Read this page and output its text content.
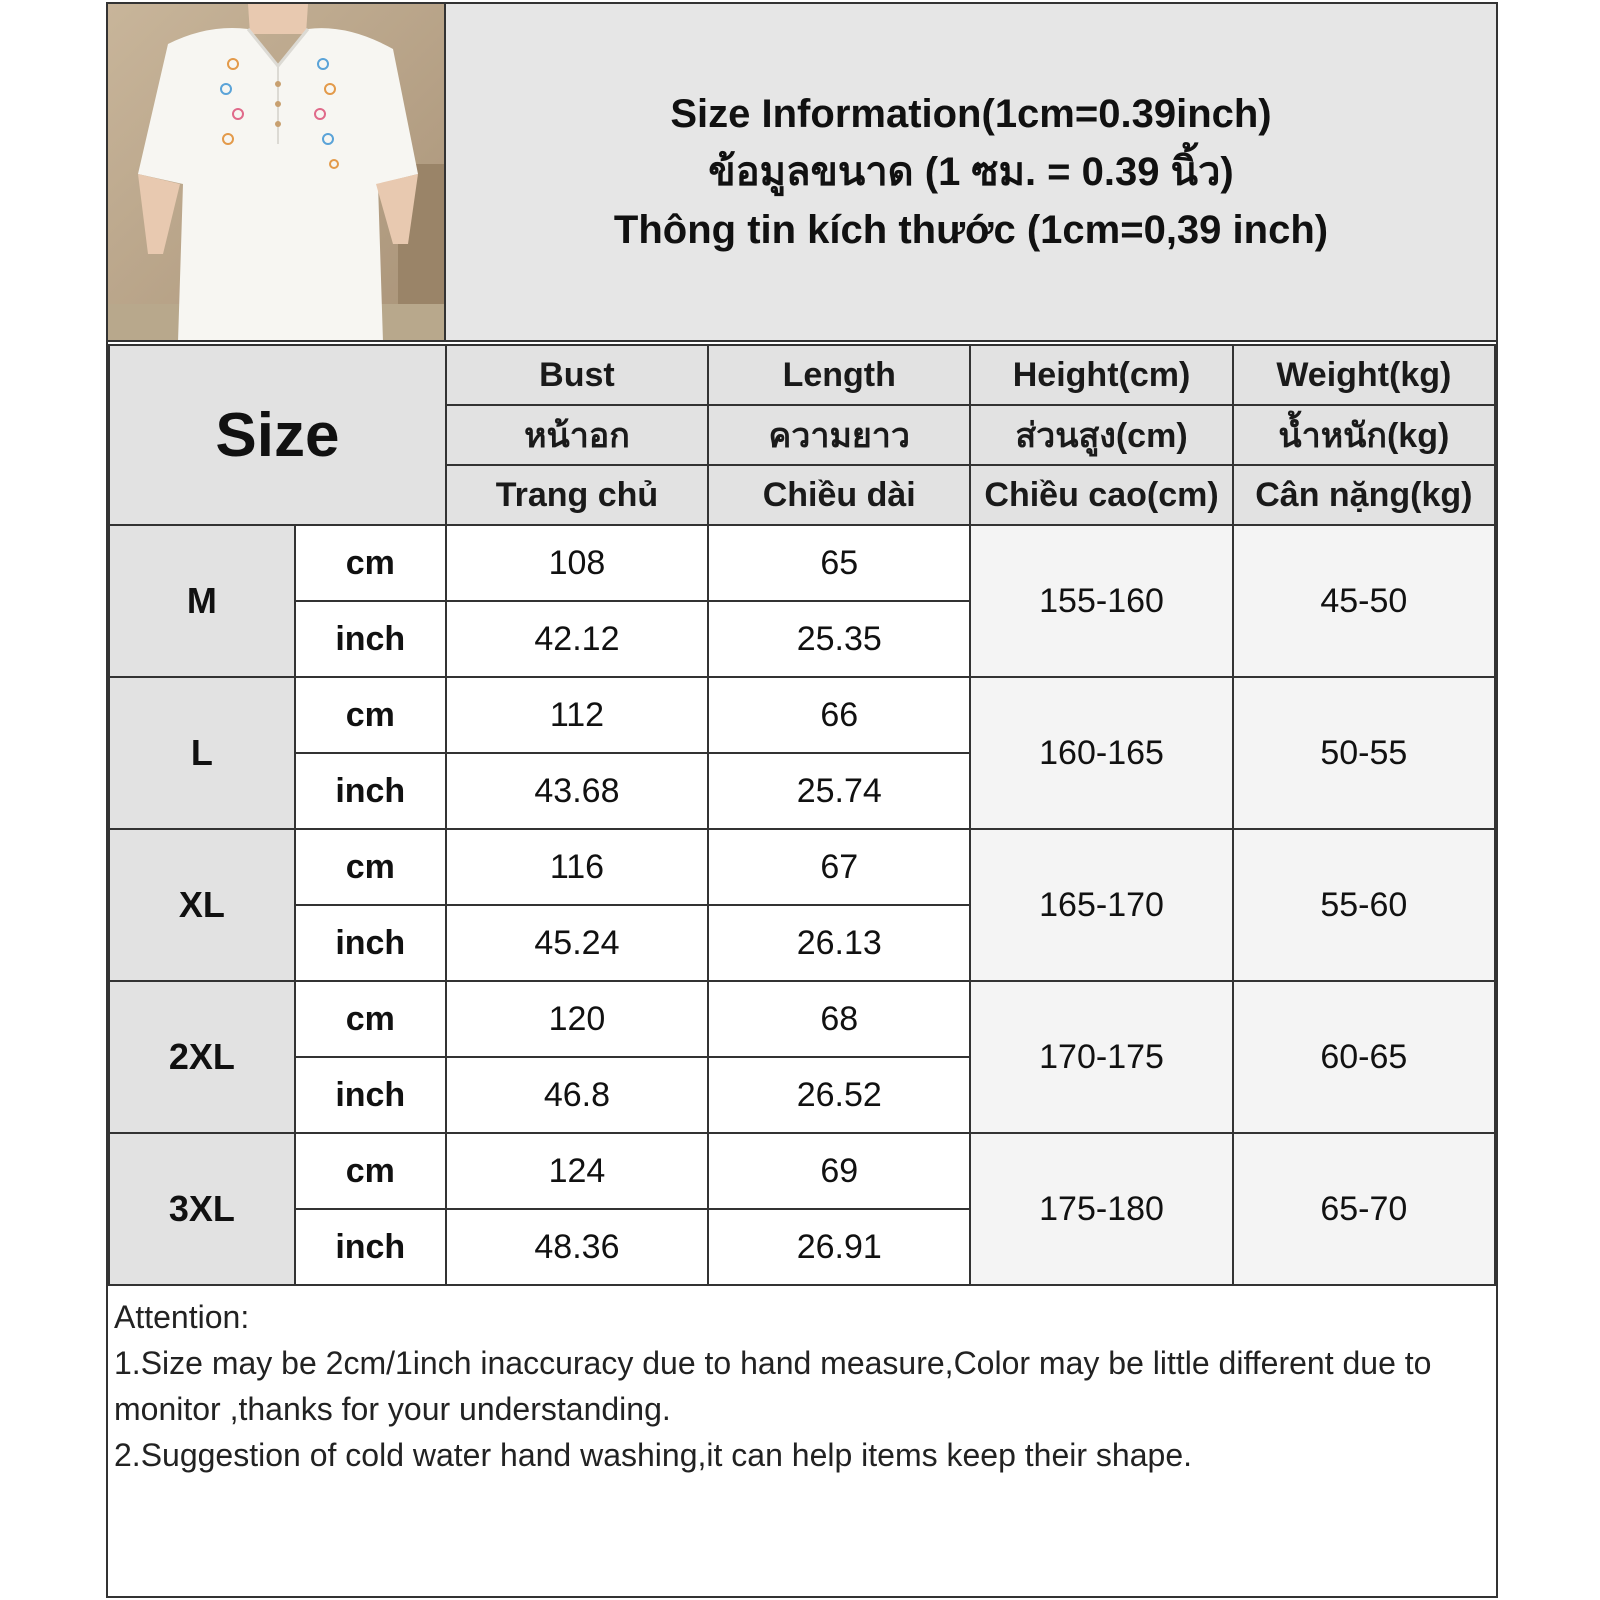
Size Information(1cm=0.39inch)
ข้อมูลขนาด (1 ซม. = 0.39 นิ้ว)
Thông tin kích thước (1cm=0,39 inch)
Size		Bust	Length	Height(cm)	Weight(kg)
		หน้าอก	ความยาว	ส่วนสูง(cm)	น้ำหนัก(kg)
		Trang chủ	Chiều dài	Chiều cao(cm)	Cân nặng(kg)
M	cm	108	65	155-160	45-50
	inch	42.12	25.35		
L	cm	112	66	160-165	50-55
	inch	43.68	25.74		
XL	cm	116	67	165-170	55-60
	inch	45.24	26.13		
2XL	cm	120	68	170-175	60-65
	inch	46.8	26.52		
3XL	cm	124	69	175-180	65-70
	inch	48.36	26.91		
Attention:
1.Size may be 2cm/1inch inaccuracy due to hand measure,Color may be little different due to monitor ,thanks for your understanding.
2.Suggestion of cold water hand washing,it can help items keep their shape.
